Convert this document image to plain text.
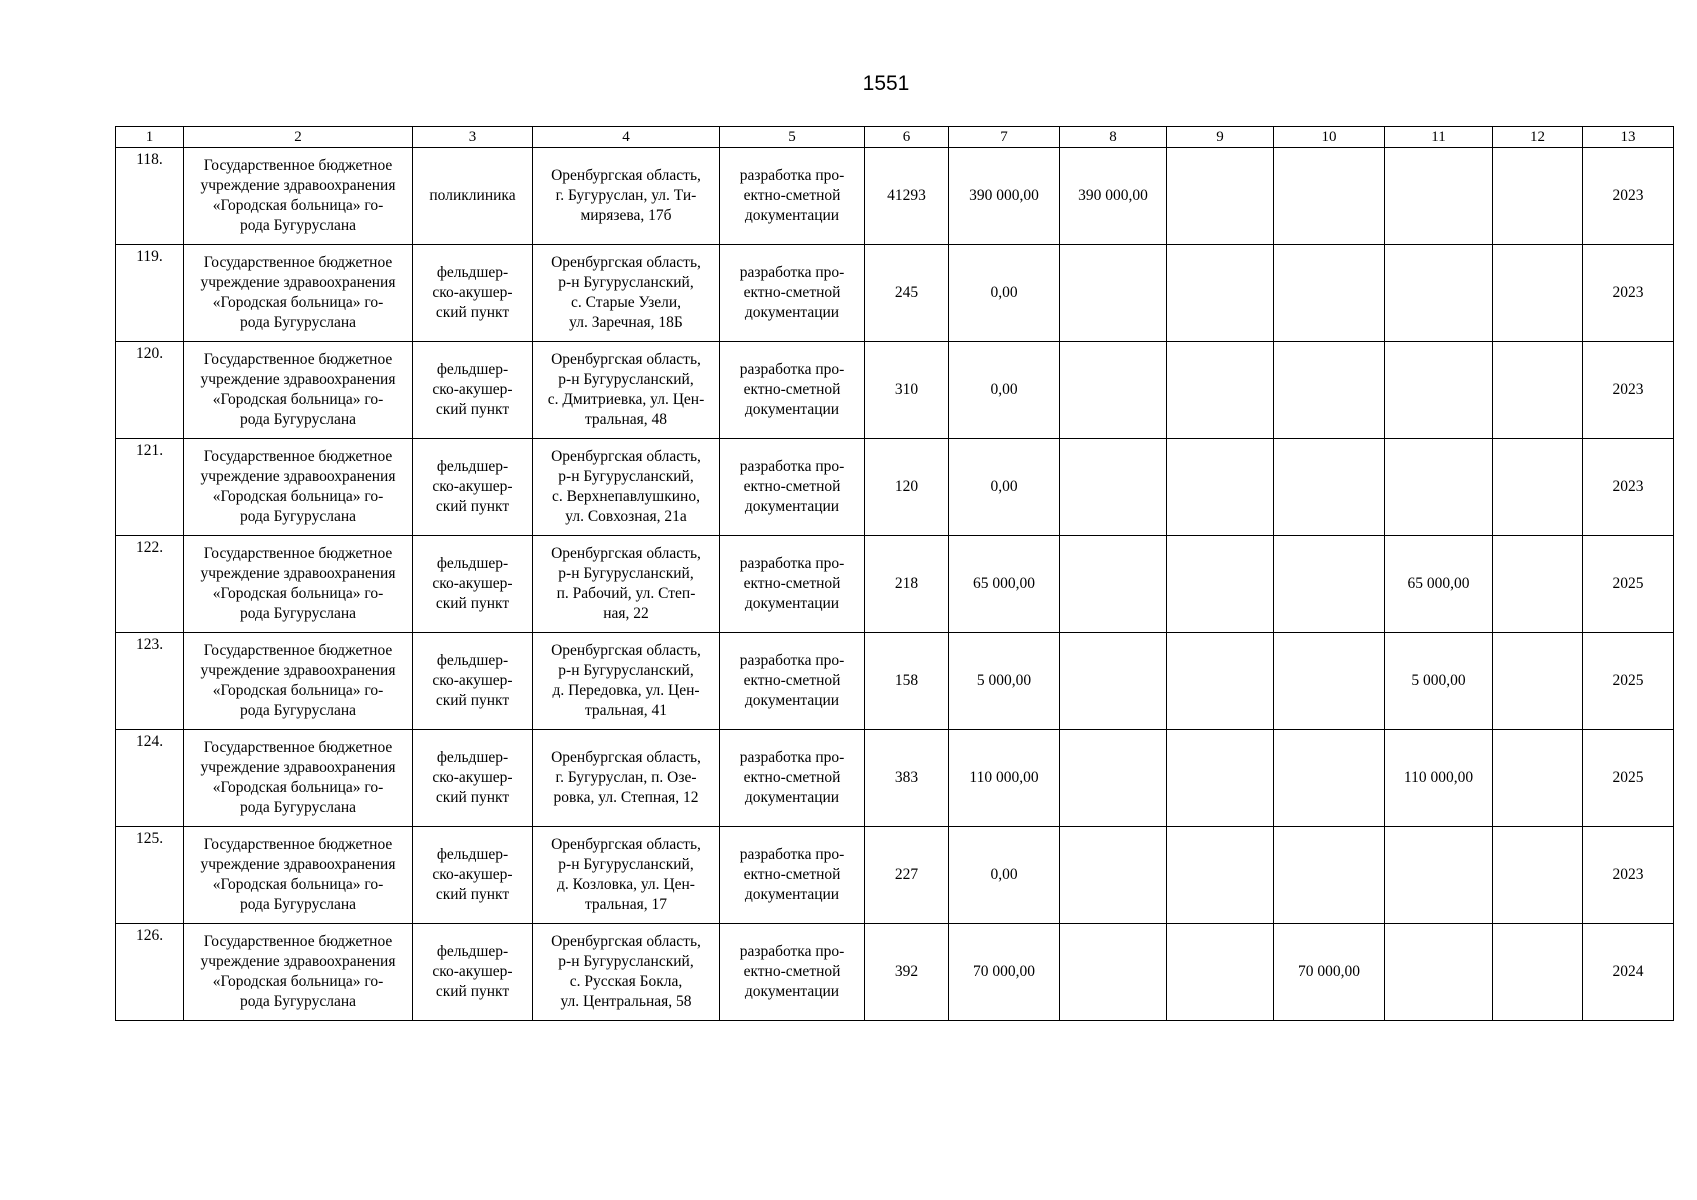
1551
1	2	3	4	5	6	7	8	9	10	11	12	13
118.	Государственное бюджетное
учреждение здравоохранения
«Городская больница» го-
рода Бугуруслана	поликлиника	Оренбургская область,
г. Бугуруслан, ул. Ти-
мирязева, 17б	разработка про-
ектно-сметной
документации	41293	390 000,00	390 000,00					2023
119.	Государственное бюджетное
учреждение здравоохранения
«Городская больница» го-
рода Бугуруслана	фельдшер-
ско-акушер-
ский пункт	Оренбургская область,
р-н Бугурусланский,
с. Старые Узели,
ул. Заречная, 18Б	разработка про-
ектно-сметной
документации	245	0,00						2023
120.	Государственное бюджетное
учреждение здравоохранения
«Городская больница» го-
рода Бугуруслана	фельдшер-
ско-акушер-
ский пункт	Оренбургская область,
р-н Бугурусланский,
с. Дмитриевка, ул. Цен-
тральная, 48	разработка про-
ектно-сметной
документации	310	0,00						2023
121.	Государственное бюджетное
учреждение здравоохранения
«Городская больница» го-
рода Бугуруслана	фельдшер-
ско-акушер-
ский пункт	Оренбургская область,
р-н Бугурусланский,
с. Верхнепавлушкино,
ул. Совхозная, 21а	разработка про-
ектно-сметной
документации	120	0,00						2023
122.	Государственное бюджетное
учреждение здравоохранения
«Городская больница» го-
рода Бугуруслана	фельдшер-
ско-акушер-
ский пункт	Оренбургская область,
р-н Бугурусланский,
п. Рабочий, ул. Степ-
ная, 22	разработка про-
ектно-сметной
документации	218	65 000,00				65 000,00		2025
123.	Государственное бюджетное
учреждение здравоохранения
«Городская больница» го-
рода Бугуруслана	фельдшер-
ско-акушер-
ский пункт	Оренбургская область,
р-н Бугурусланский,
д. Передовка, ул. Цен-
тральная, 41	разработка про-
ектно-сметной
документации	158	5 000,00				5 000,00		2025
124.	Государственное бюджетное
учреждение здравоохранения
«Городская больница» го-
рода Бугуруслана	фельдшер-
ско-акушер-
ский пункт	Оренбургская область,
г. Бугуруслан, п. Озе-
ровка, ул. Степная, 12	разработка про-
ектно-сметной
документации	383	110 000,00				110 000,00		2025
125.	Государственное бюджетное
учреждение здравоохранения
«Городская больница» го-
рода Бугуруслана	фельдшер-
ско-акушер-
ский пункт	Оренбургская область,
р-н Бугурусланский,
д. Козловка, ул. Цен-
тральная, 17	разработка про-
ектно-сметной
документации	227	0,00						2023
126.	Государственное бюджетное
учреждение здравоохранения
«Городская больница» го-
рода Бугуруслана	фельдшер-
ско-акушер-
ский пункт	Оренбургская область,
р-н Бугурусланский,
с. Русская Бокла,
ул. Центральная, 58	разработка про-
ектно-сметной
документации	392	70 000,00			70 000,00			2024
